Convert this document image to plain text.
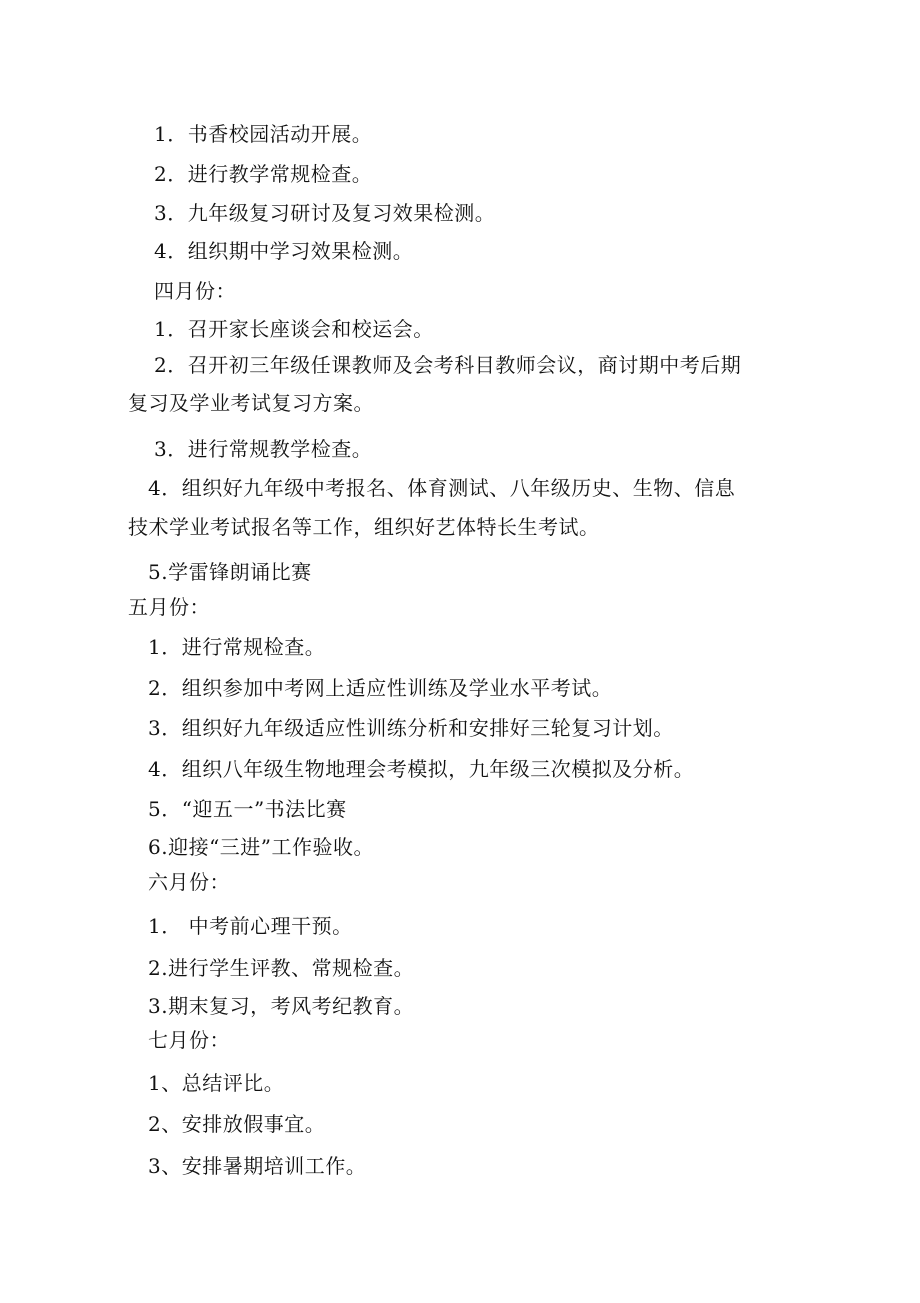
1．书香校园活动开展。
2．进行教学常规检查。
3．九年级复习研讨及复习效果检测。
4．组织期中学习效果检测。
四月份：
1．召开家长座谈会和校运会。
2．召开初三年级任课教师及会考科目教师会议，商讨期中考后期
复习及学业考试复习方案。
3．进行常规教学检查。
4．组织好九年级中考报名、体育测试、八年级历史、生物、信息
技术学业考试报名等工作，组织好艺体特长生考试。
5.学雷锋朗诵比赛
五月份：
1．进行常规检查。
2．组织参加中考网上适应性训练及学业水平考试。
3．组织好九年级适应性训练分析和安排好三轮复习计划。
4．组织八年级生物地理会考模拟，九年级三次模拟及分析。
5．“迎五一”书法比赛
6.迎接“三进”工作验收。
六月份：
1． 中考前心理干预。
2.进行学生评教、常规检查。
3.期末复习，考风考纪教育。
七月份：
1、总结评比。
2、安排放假事宜。
3、安排暑期培训工作。
